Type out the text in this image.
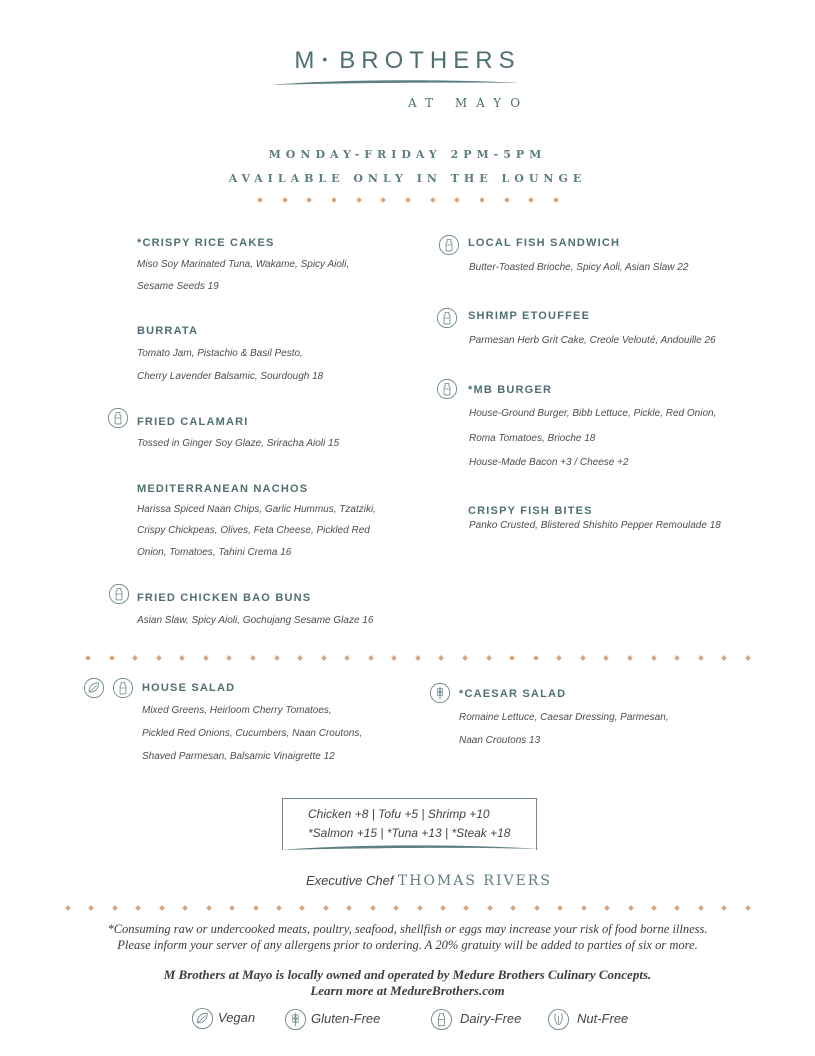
M • BROTHERS
AT MAYO
MONDAY-FRIDAY 2PM-5PM
AVAILABLE ONLY IN THE LOUNGE
*CRISPY RICE CAKES
Miso Soy Marinated Tuna, Wakame, Spicy Aioli,
Sesame Seeds 19
BURRATA
Tomato Jam, Pistachio & Basil Pesto,
Cherry Lavender Balsamic, Sourdough 18
FRIED CALAMARI
Tossed in Ginger Soy Glaze, Sriracha Aioli 15
MEDITERRANEAN NACHOS
Harissa Spiced Naan Chips, Garlic Hummus, Tzatziki,
Crispy Chickpeas, Olives, Feta Cheese, Pickled Red
Onion, Tomatoes, Tahini Crema 16
FRIED CHICKEN BAO BUNS
Asian Slaw, Spicy Aioli, Gochujang Sesame Glaze 16
LOCAL FISH SANDWICH
Butter-Toasted Brioche, Spicy Aoli, Asian Slaw 22
SHRIMP ETOUFFEE
Parmesan Herb Grit Cake, Creole Velouté, Andouille 26
*MB BURGER
House-Ground Burger, Bibb Lettuce, Pickle, Red Onion,
Roma Tomatoes, Brioche 18
House-Made Bacon +3 / Cheese +2
CRISPY FISH BITES
Panko Crusted, Blistered Shishito Pepper Remoulade 18
HOUSE SALAD
Mixed Greens, Heirloom Cherry Tomatoes,
Pickled Red Onions, Cucumbers, Naan Croutons,
Shaved Parmesan, Balsamic Vinaigrette 12
*CAESAR SALAD
Romaine Lettuce, Caesar Dressing, Parmesan,
Naan Croutons 13
Chicken +8 | Tofu +5 | Shrimp +10
*Salmon +15 | *Tuna +13 | *Steak +18
Executive Chef THOMAS RIVERS
*Consuming raw or undercooked meats, poultry, seafood, shellfish or eggs may increase your risk of food borne illness.
Please inform your server of any allergens prior to ordering. A 20% gratuity will be added to parties of six or more.
M Brothers at Mayo is locally owned and operated by Medure Brothers Culinary Concepts.
Learn more at MedureBrothers.com
Vegan	Gluten-Free	Dairy-Free	Nut-Free
